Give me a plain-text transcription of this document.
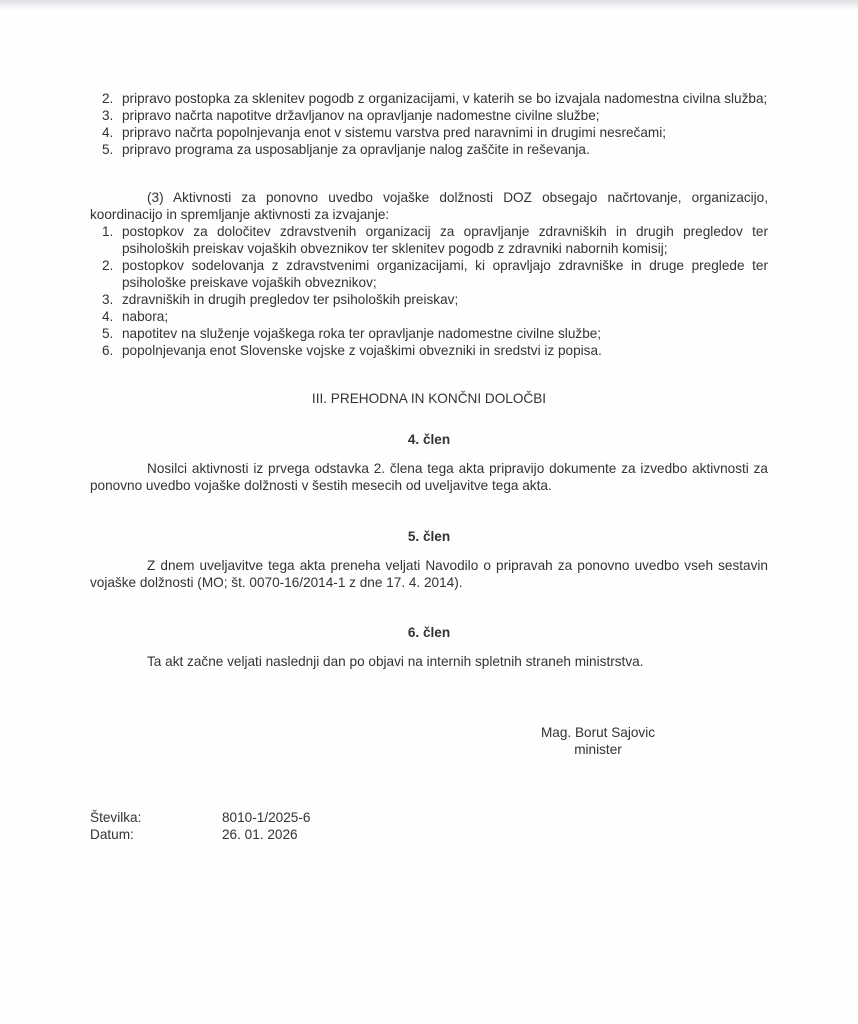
2. pripravo postopka za sklenitev pogodb z organizacijami, v katerih se bo izvajala nadomestna civilna služba;
3. pripravo načrta napotitve državljanov na opravljanje nadomestne civilne službe;
4. pripravo načrta popolnjevanja enot v sistemu varstva pred naravnimi in drugimi nesrečami;
5. pripravo programa za usposabljanje za opravljanje nalog zaščite in reševanja.

(3) Aktivnosti za ponovno uvedbo vojaške dolžnosti DOZ obsegajo načrtovanje, organizacijo, koordinacijo in spremljanje aktivnosti za izvajanje:

1. postopkov za določitev zdravstvenih organizacij za opravljanje zdravniških in drugih pregledov ter psiholoških preiskav vojaških obveznikov ter sklenitev pogodb z zdravniki nabornih komisij;
2. postopkov sodelovanja z zdravstvenimi organizacijami, ki opravljajo zdravniške in druge preglede ter psihološke preiskave vojaških obveznikov;
3. zdravniških in drugih pregledov ter psiholoških preiskav;
4. nabora;
5. napotitev na služenje vojaškega roka ter opravljanje nadomestne civilne službe;
6. popolnjevanja enot Slovenske vojske z vojaškimi obvezniki in sredstvi iz popisa.
III. PREHODNA IN KONČNI DOLOČBI
4. člen

Nosilci aktivnosti iz prvega odstavka 2. člena tega akta pripravijo dokumente za izvedbo aktivnosti za ponovno uvedbo vojaške dolžnosti v šestih mesecih od uveljavitve tega akta.

5. člen

Z dnem uveljavitve tega akta preneha veljati Navodilo o pripravah za ponovno uvedbo vseh sestavin vojaške dolžnosti (MO; št. 0070-16/2014-1 z dne 17. 4. 2014).

6. člen

Ta akt začne veljati naslednji dan po objavi na internih spletnih straneh ministrstva.

Mag. Borut Sajovic
minister
Številka:	8010-1/2025-6
Datum:	26. 01. 2026
